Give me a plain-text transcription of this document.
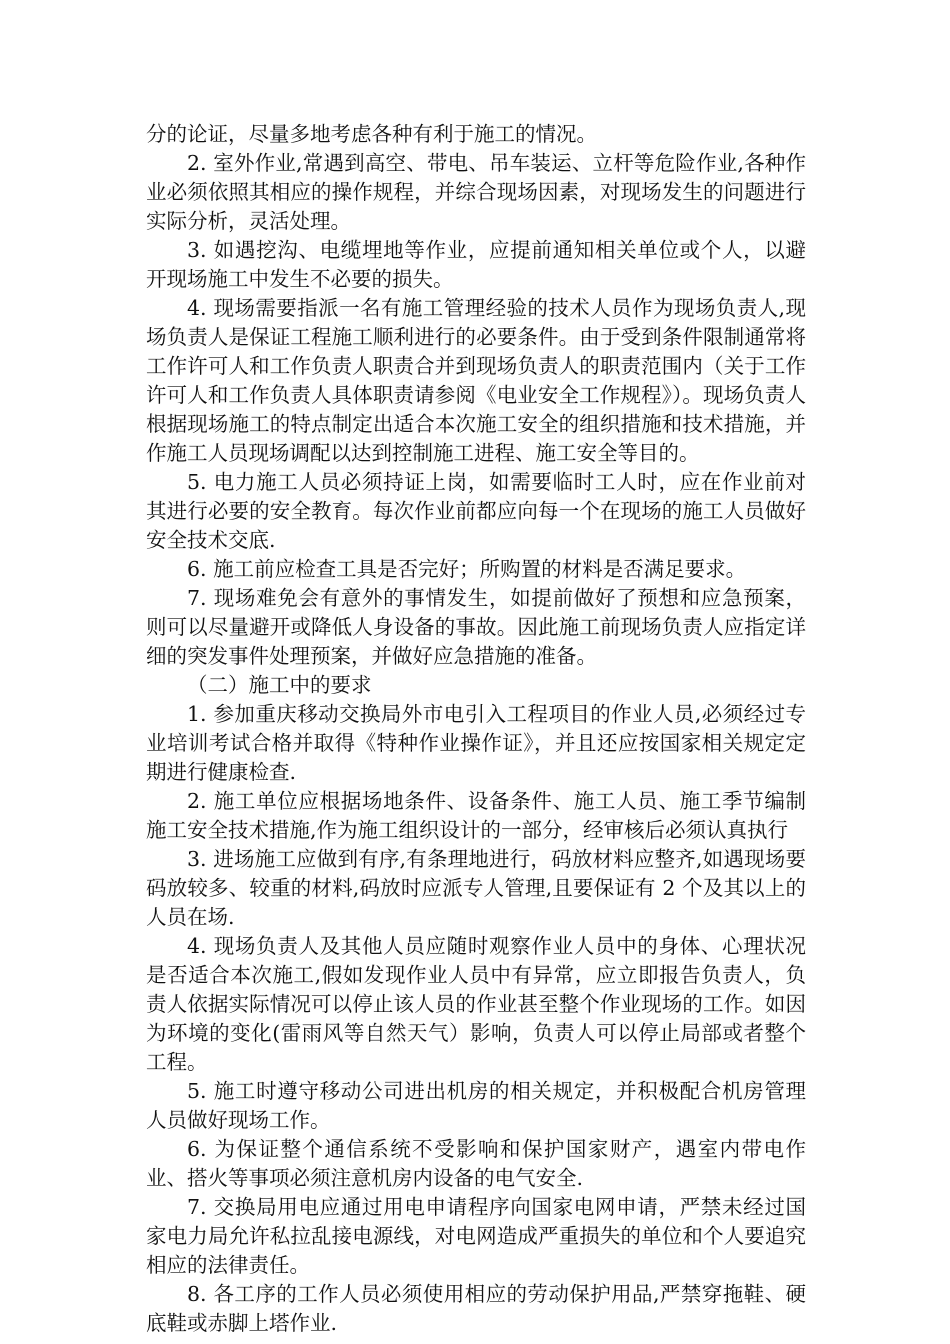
分的论证，尽量多地考虑各种有利于施工的情况。

2. 室外作业,常遇到高空、带电、吊车装运、立杆等危险作业,各种作业必须依照其相应的操作规程，并综合现场因素，对现场发生的问题进行实际分析，灵活处理。

3. 如遇挖沟、电缆埋地等作业，应提前通知相关单位或个人，以避开现场施工中发生不必要的损失。

4. 现场需要指派一名有施工管理经验的技术人员作为现场负责人,现场负责人是保证工程施工顺利进行的必要条件。由于受到条件限制通常将工作许可人和工作负责人职责合并到现场负责人的职责范围内（关于工作许可人和工作负责人具体职责请参阅《电业安全工作规程》）。现场负责人根据现场施工的特点制定出适合本次施工安全的组织措施和技术措施，并作施工人员现场调配以达到控制施工进程、施工安全等目的。

5. 电力施工人员必须持证上岗，如需要临时工人时，应在作业前对其进行必要的安全教育。每次作业前都应向每一个在现场的施工人员做好安全技术交底.

6. 施工前应检查工具是否完好；所购置的材料是否满足要求。

7. 现场难免会有意外的事情发生，如提前做好了预想和应急预案，则可以尽量避开或降低人身设备的事故。因此施工前现场负责人应指定详细的突发事件处理预案，并做好应急措施的准备。

（二）施工中的要求

1. 参加重庆移动交换局外市电引入工程项目的作业人员,必须经过专业培训考试合格并取得《特种作业操作证》，并且还应按国家相关规定定期进行健康检查.

2. 施工单位应根据场地条件、设备条件、施工人员、施工季节编制施工安全技术措施,作为施工组织设计的一部分，经审核后必须认真执行

3. 进场施工应做到有序,有条理地进行，码放材料应整齐,如遇现场要码放较多、较重的材料,码放时应派专人管理,且要保证有 2 个及其以上的人员在场.

4. 现场负责人及其他人员应随时观察作业人员中的身体、心理状况是否适合本次施工,假如发现作业人员中有异常，应立即报告负责人，负责人依据实际情况可以停止该人员的作业甚至整个作业现场的工作。如因为环境的变化(雷雨风等自然天气）影响，负责人可以停止局部或者整个工程。

5. 施工时遵守移动公司进出机房的相关规定，并积极配合机房管理人员做好现场工作。

6. 为保证整个通信系统不受影响和保护国家财产，遇室内带电作业、搭火等事项必须注意机房内设备的电气安全.

7. 交换局用电应通过用电申请程序向国家电网申请，严禁未经过国家电力局允许私拉乱接电源线，对电网造成严重损失的单位和个人要追究相应的法律责任。

8. 各工序的工作人员必须使用相应的劳动保护用品,严禁穿拖鞋、硬底鞋或赤脚上塔作业.
